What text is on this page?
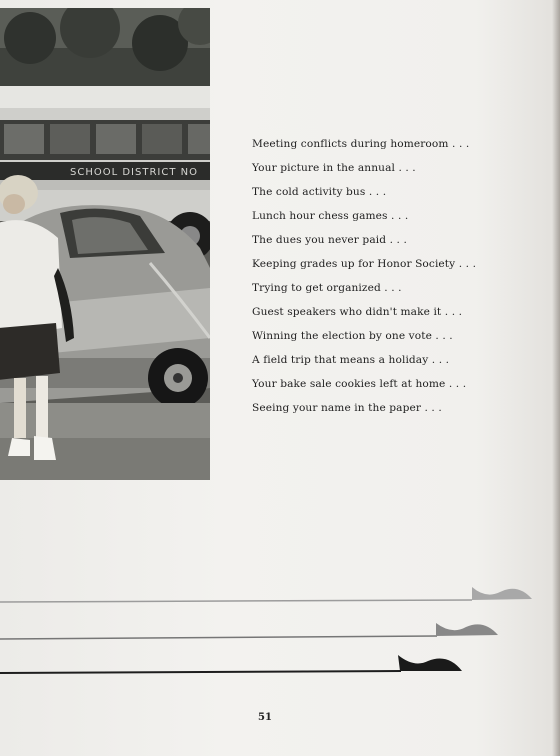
SCHOOL DISTRICT NO
Meeting conflicts during homeroom . . .
Your picture in the annual . . .
The cold activity bus . . .
Lunch hour chess games . . .
The dues you never paid . . .
Keeping grades up for Honor Society . . .
Trying to get organized . . .
Guest speakers who didn't make it . . .
Winning the election by one vote . . .
A field trip that means a holiday . . .
Your bake sale cookies left at home . . .
Seeing your name in the paper . . .
51
